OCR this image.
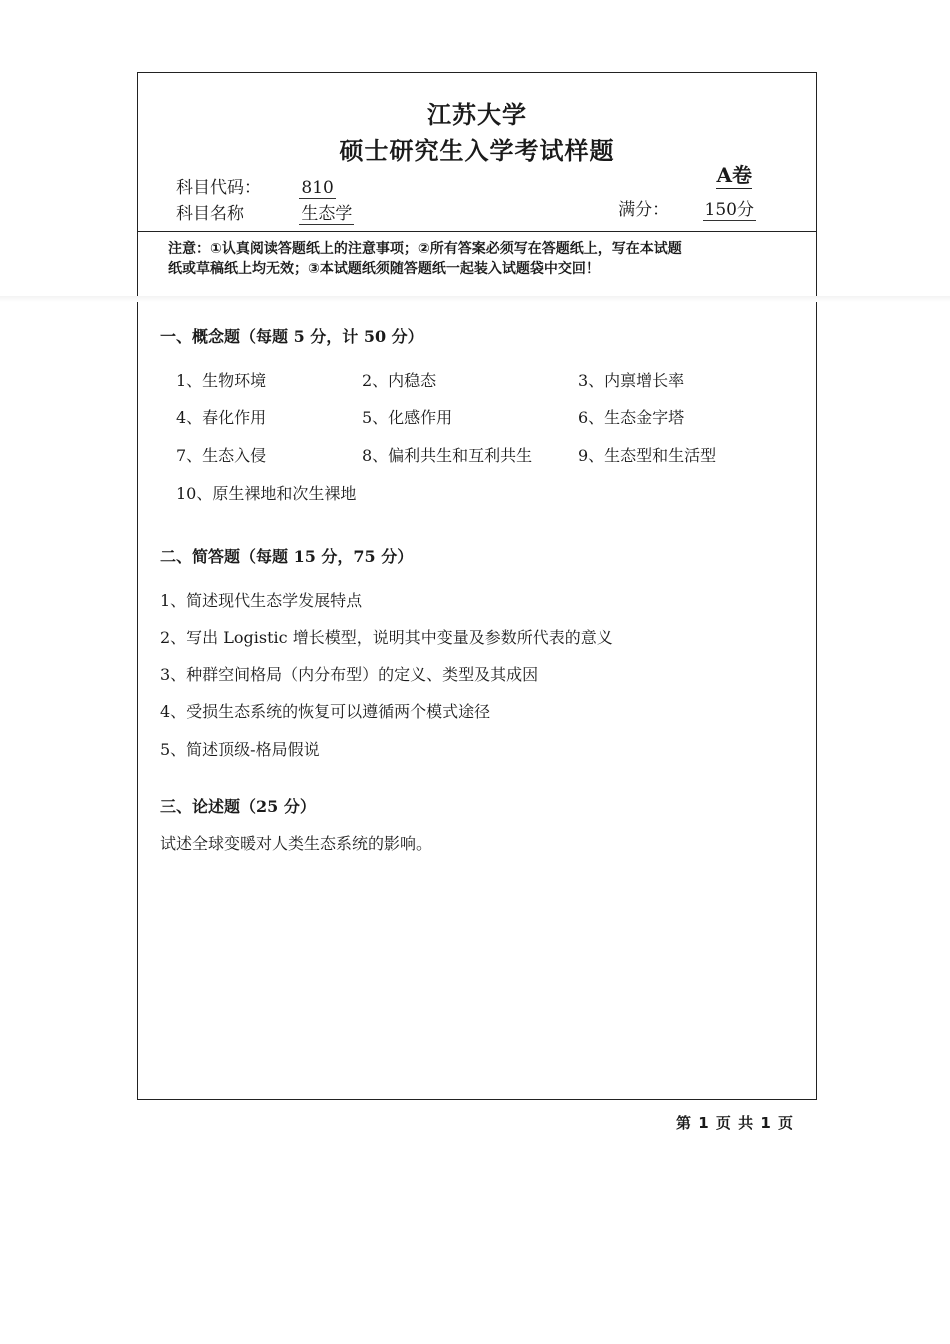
江苏大学
硕士研究生入学考试样题
科目代码： 810
科目名称	生态学
A卷
满分： 150分
注意：①认真阅读答题纸上的注意事项；②所有答案必须写在答题纸上，写在本试题
纸或草稿纸上均无效；③本试题纸须随答题纸一起装入试题袋中交回！
一、概念题（每题 5 分，计 50 分）
1、生物环境	2、内稳态	3、内禀增长率
4、春化作用	5、化感作用	6、生态金字塔
7、生态入侵	8、偏利共生和互利共生	9、生态型和生活型
10、原生裸地和次生裸地
二、简答题（每题 15 分，75 分）
1、简述现代生态学发展特点
2、写出 Logistic 增长模型，说明其中变量及参数所代表的意义
3、种群空间格局（内分布型）的定义、类型及其成因
4、受损生态系统的恢复可以遵循两个模式途径
5、简述顶级-格局假说
三、论述题（25 分）
试述全球变暖对人类生态系统的影响。
第 1 页 共 1 页
